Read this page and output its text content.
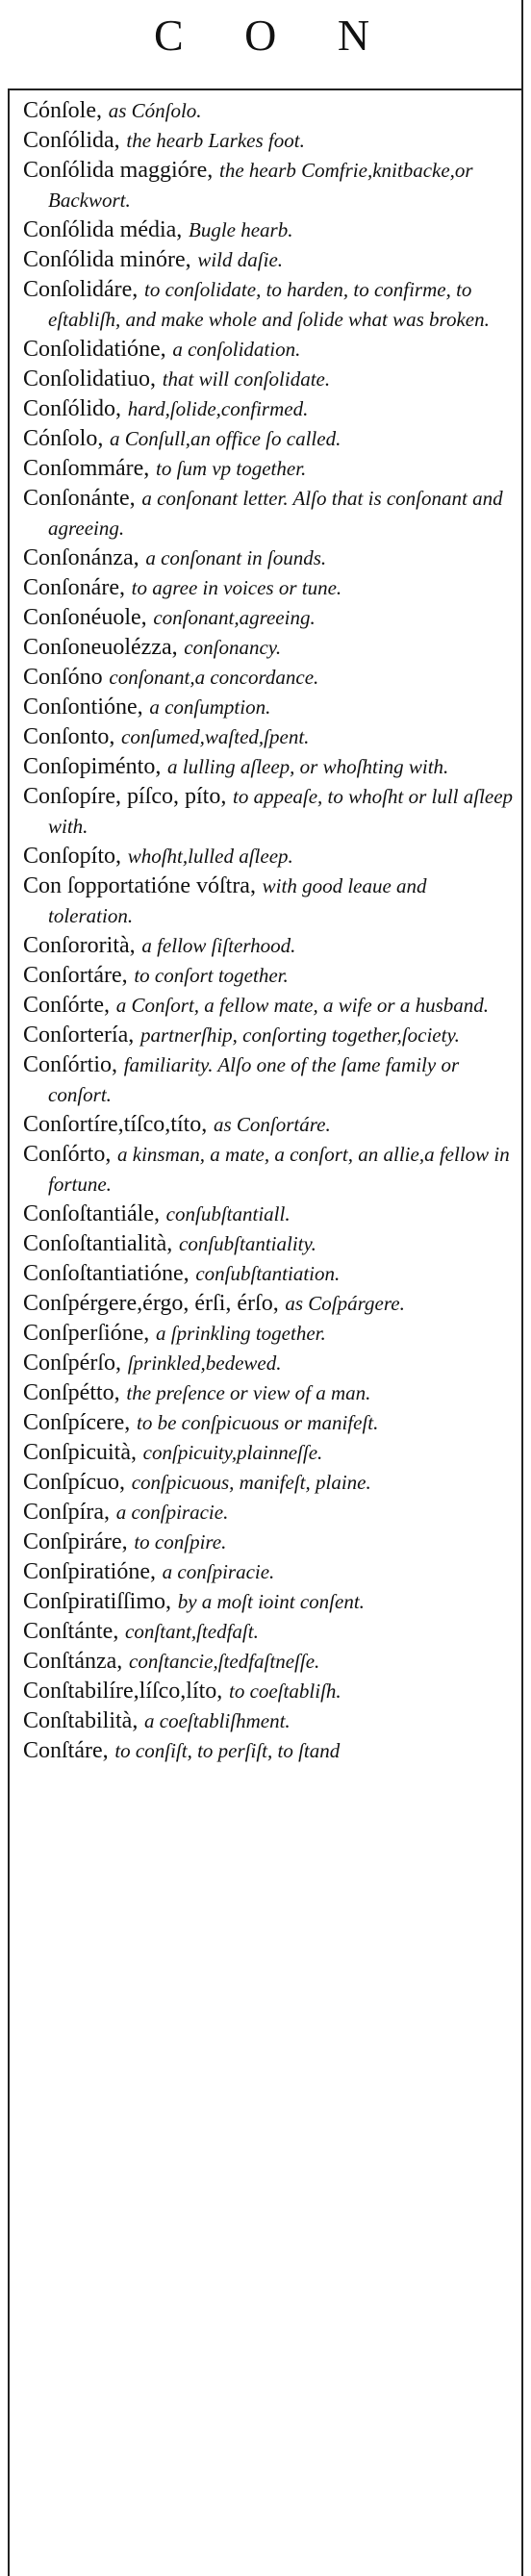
C O N
Cónſole, as Cónſolo.
Conſólida, the hearb Larkes foot.
Conſólida maggióre, the hearb Comfrie,knitbacke,or Backwort.
Conſólida média, Bugle hearb.
Conſólida minóre, wild daſie.
Conſolidáre, to conſolidate, to harden, to confirme, to eſtabliſh, and make whole and ſolide what was broken.
Conſolidatióne, a conſolidation.
Conſolidatiuo, that will conſolidate.
Conſólido, hard,ſolide,confirmed.
Cónſolo, a Conſull,an office ſo called.
Conſommáre, to ſum vp together.
Conſonánte, a conſonant letter. Alſo that is conſonant and agreeing.
Conſonánza, a conſonant in ſounds.
Conſonáre, to agree in voices or tune.
Conſonéuole, conſonant,agreeing.
Conſoneuolézza, conſonancy.
Conſóno conſonant,a concordance.
Conſontióne, a conſumption.
Conſonto, conſumed,waſted,ſpent.
Conſopiménto, a lulling aſleep, or whoſhting with.
Conſopíre, píſco, píto, to appeaſe, to whoſht or lull aſleep with.
Conſopíto, whoſht,lulled aſleep.
Con ſopportatióne vóſtra, with good leaue and toleration.
Conſororità, a fellow ſiſterhood.
Conſortáre, to conſort together.
Conſórte, a Conſort, a fellow mate, a wife or a husband.
Conſortería, partnerſhip, conſorting together,ſociety.
Conſórtio, familiarity. Alſo one of the ſame family or conſort.
Conſortíre,tíſco,títo, as Conſortáre.
Conſórto, a kinsman, a mate, a conſort, an allie,a fellow in fortune.
Conſoſtantiále, conſubſtantiall.
Conſoſtantialità, conſubſtantiality.
Conſoſtantiatióne, conſubſtantiation.
Conſpérgere,érgo, érſi, érſo, as Coſpárgere.
Conſperſióne, a ſprinkling together.
Conſpérſo, ſprinkled,bedewed.
Conſpétto, the preſence or view of a man.
Conſpícere, to be conſpicuous or manifeſt.
Conſpicuità, conſpicuity,plainneſſe.
Conſpícuo, conſpicuous, manifeſt, plaine.
Conſpíra, a conſpiracie.
Conſpiráre, to conſpire.
Conſpiratióne, a conſpiracie.
Conſpiratiſſimo, by a moſt ioint conſent.
Conſtánte, conſtant,ſtedfaſt.
Conſtánza, conſtancie,ſtedfaſtneſſe.
Conſtabilíre,líſco,líto, to coeſtabliſh.
Conſtabilità, a coeſtabliſhment.
Conſtáre, to conſiſt, to perſiſt, to ſtand
